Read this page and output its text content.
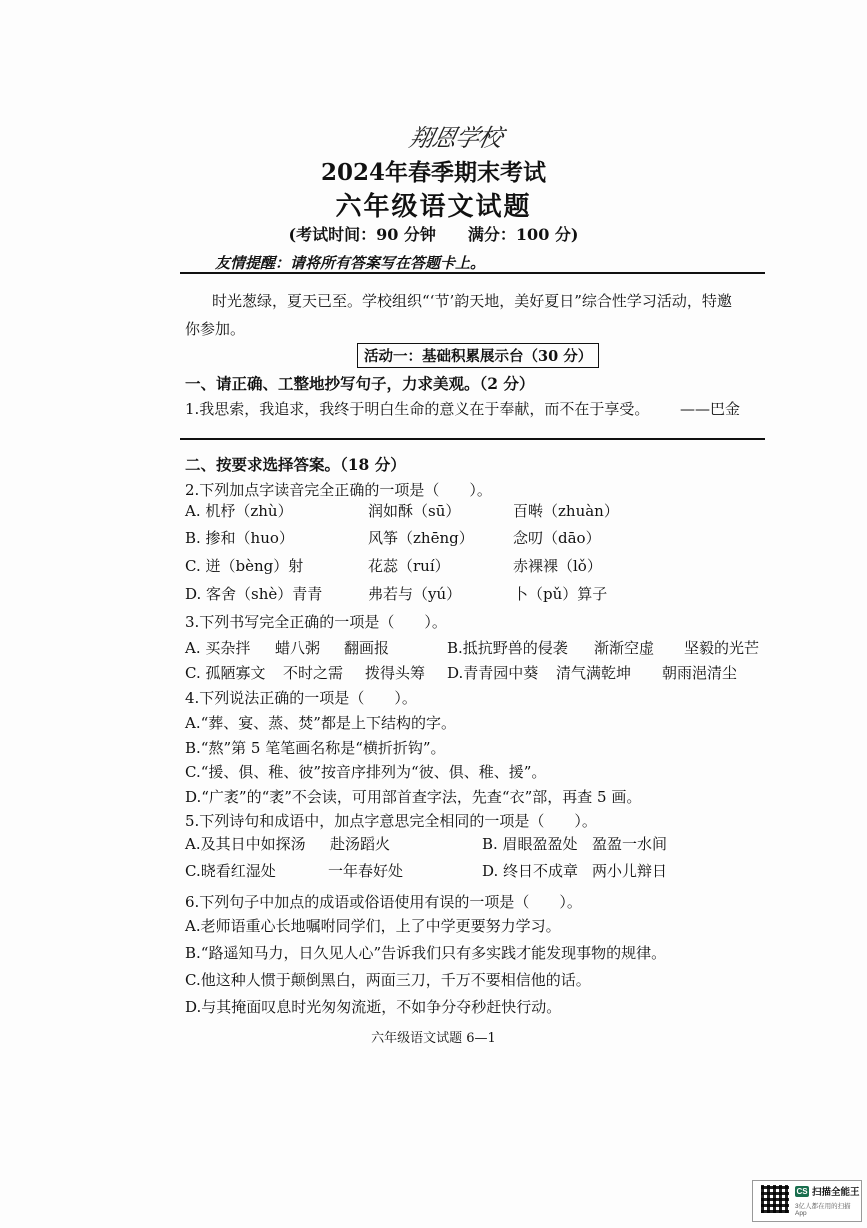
翔恩学校
2024年春季期末考试
六年级语文试题
(考试时间：90 分钟　　满分：100 分)
友情提醒：请将所有答案写在答题卡上。
时光葱绿，夏天已至。学校组织“‘节’韵天地，美好夏日”综合性学习活动，特邀
你参加。
活动一：基础积累展示台（30 分）
一、请正确、工整地抄写句子，力求美观。（2 分）
1.我思索，我追求，我终于明白生命的意义在于奉献，而不在于享受。 ——巴金
二、按要求选择答案。（18 分）
2.下列加点字读音完全正确的一项是（　　）。
A. 机杼（zhù）	润如酥（sū）	百啭（zhuàn）
B. 掺和（huo）	风筝（zhēng）	念叨（dāo）
C. 迸（bèng）射	花蕊（ruí）	赤裸裸（lǒ）
D. 客舍（shè）青青	弗若与（yú）	卜（pǔ）算子
3.下列书写完全正确的一项是（　　）。
A. 买杂拌 蜡八粥 翻画报	B.抵抗野兽的侵袭 渐渐空虚 坚毅的光芒
C. 孤陋寡文 不时之需 拨得头筹 D.青青园中葵 清气满乾坤 朝雨浥清尘
4.下列说法正确的一项是（　　）。
A.“葬、宴、蒸、焚”都是上下结构的字。
B.“熬”第 5 笔笔画名称是“横折折钩”。
C.“援、俱、稚、彼”按音序排列为“彼、俱、稚、援”。
D.“广袤”的“袤”不会读，可用部首查字法，先查“衣”部，再查 5 画。
5.下列诗句和成语中，加点字意思完全相同的一项是（　　）。
A.及其日中如探汤 赴汤蹈火	B. 眉眼盈盈处 盈盈一水间
C.晓看红湿处	一年春好处	D. 终日不成章 两小儿辩日
6.下列句子中加点的成语或俗语使用有误的一项是（　　）。
A.老师语重心长地嘱咐同学们，上了中学更要努力学习。
B.“路遥知马力，日久见人心”告诉我们只有多实践才能发现事物的规律。
C.他这种人惯于颠倒黑白，两面三刀，千万不要相信他的话。
D.与其掩面叹息时光匆匆流逝，不如争分夺秒赶快行动。
六年级语文试题 6—1
CS 扫描全能王
3亿人都在用的扫描App
